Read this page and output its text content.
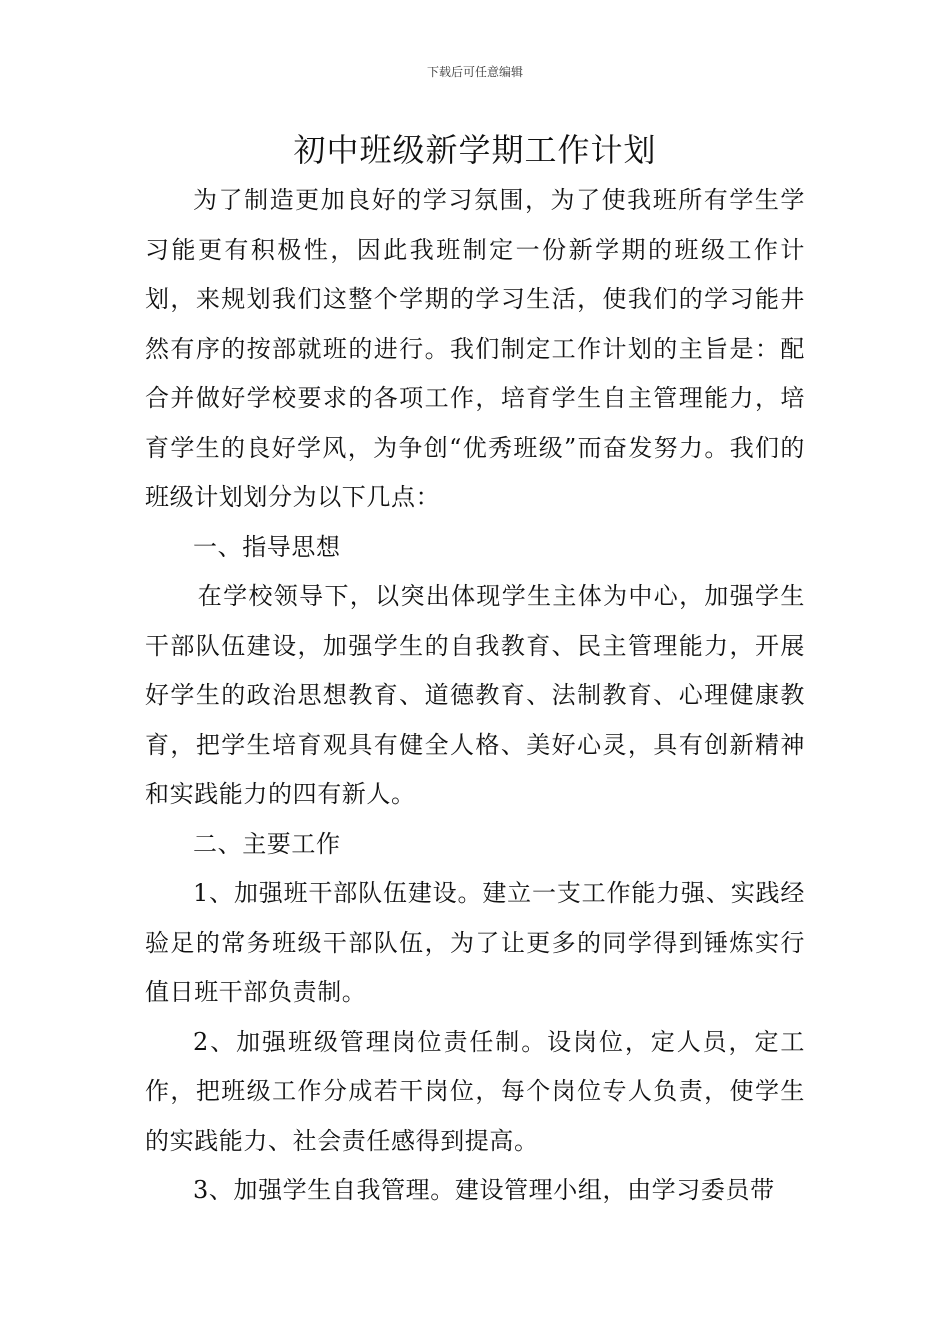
下载后可任意编辑
初中班级新学期工作计划

为了制造更加良好的学习氛围，为了使我班所有学生学习能更有积极性，因此我班制定一份新学期的班级工作计划，来规划我们这整个学期的学习生活，使我们的学习能井然有序的按部就班的进行。我们制定工作计划的主旨是：配合并做好学校要求的各项工作，培育学生自主管理能力，培育学生的良好学风，为争创“优秀班级”而奋发努力。我们的班级计划划分为以下几点：

一、指导思想

在学校领导下，以突出体现学生主体为中心，加强学生干部队伍建设，加强学生的自我教育、民主管理能力，开展好学生的政治思想教育、道德教育、法制教育、心理健康教育，把学生培育观具有健全人格、美好心灵，具有创新精神和实践能力的四有新人。

二、主要工作

1、加强班干部队伍建设。建立一支工作能力强、实践经验足的常务班级干部队伍，为了让更多的同学得到锤炼实行值日班干部负责制。

2、加强班级管理岗位责任制。设岗位，定人员，定工作，把班级工作分成若干岗位，每个岗位专人负责，使学生的实践能力、社会责任感得到提高。

3、加强学生自我管理。建设管理小组，由学习委员带
